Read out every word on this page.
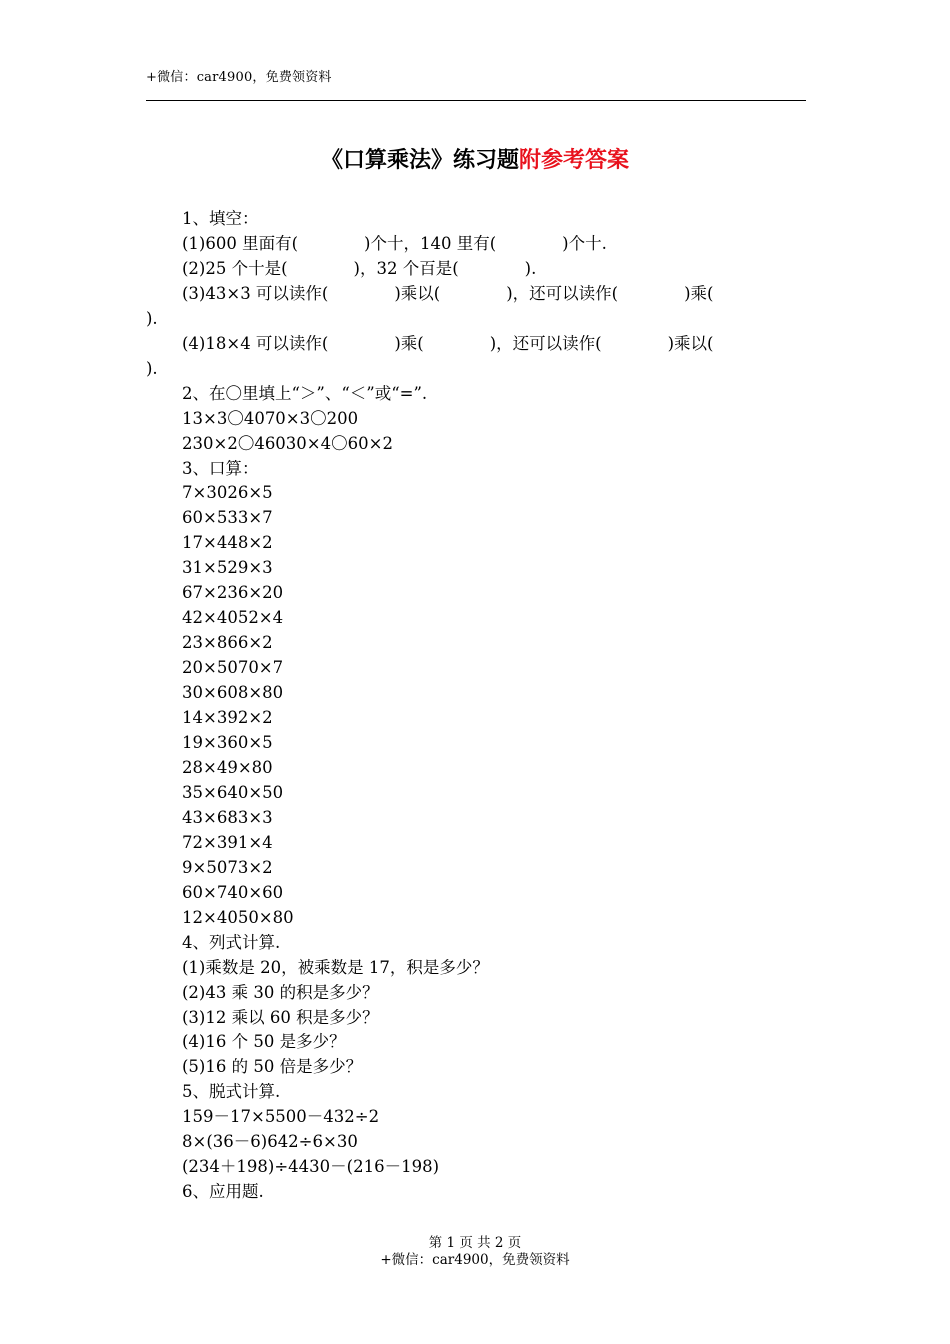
+微信：car4900，免费领资料
《口算乘法》练习题附参考答案
1、填空：
(1)600 里面有(　　　　)个十，140 里有(　　　　)个十.
(2)25 个十是(　　　　)，32 个百是(　　　　).
(3)43×3 可以读作(　　　　)乘以(　　　　)，还可以读作(　　　　)乘(
).
(4)18×4 可以读作(　　　　)乘(　　　　)，还可以读作(　　　　)乘以(
).
2、在〇里填上“＞”、“＜”或“=”.
13×3〇4070×3〇200
230×2〇46030×4〇60×2
3、口算：
7×3026×5
60×533×7
17×448×2
31×529×3
67×236×20
42×4052×4
23×866×2
20×5070×7
30×608×80
14×392×2
19×360×5
28×49×80
35×640×50
43×683×3
72×391×4
9×5073×2
60×740×60
12×4050×80
4、列式计算.
(1)乘数是 20，被乘数是 17，积是多少？
(2)43 乘 30 的积是多少？
(3)12 乘以 60 积是多少？
(4)16 个 50 是多少？
(5)16 的 50 倍是多少？
5、脱式计算.
159－17×5500－432÷2
8×(36－6)642÷6×30
(234＋198)÷4430－(216－198)
6、应用题.
第 1 页 共 2 页
+微信：car4900，免费领资料
